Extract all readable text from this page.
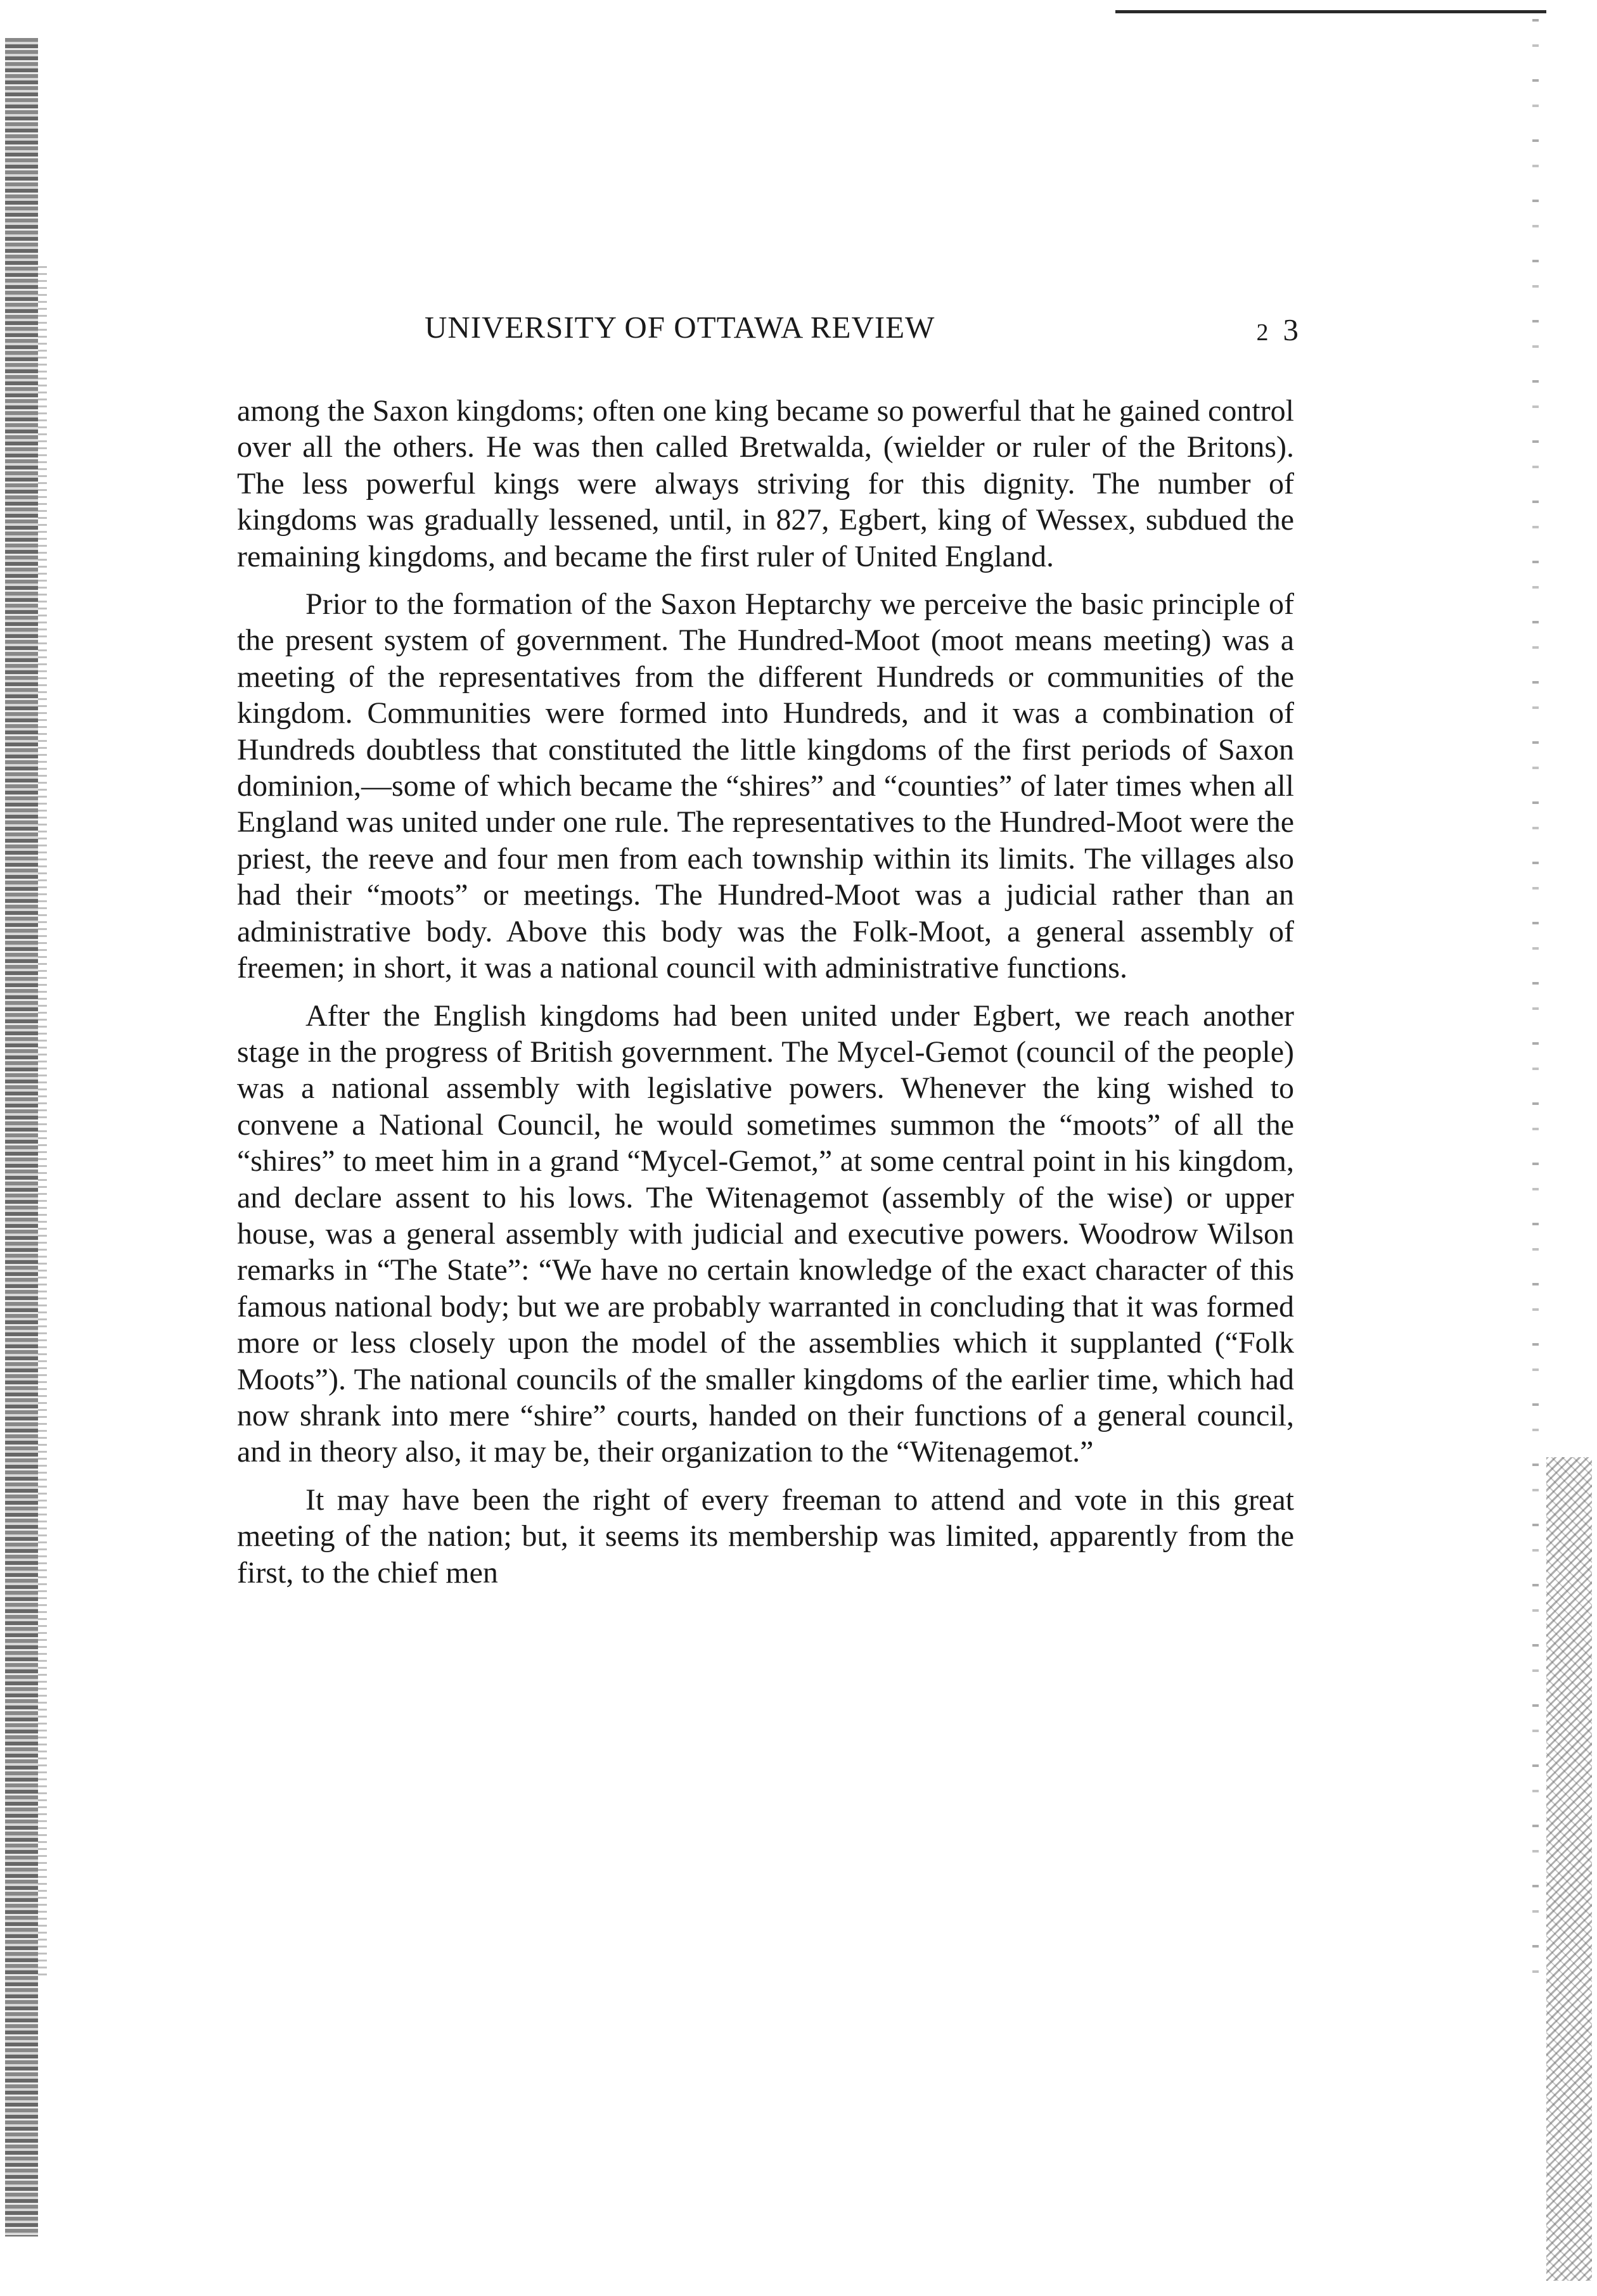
UNIVERSITY OF OTTAWA REVIEW	2 3

among the Saxon kingdoms; often one king became so powerful that he gained control over all the others. He was then called Bretwalda, (wielder or ruler of the Britons). The less powerful kings were always striving for this dignity. The number of kingdoms was gradually lessened, until, in 827, Egbert, king of Wessex, subdued the remaining kingdoms, and became the first ruler of United England.

Prior to the formation of the Saxon Heptarchy we perceive the basic principle of the present system of government. The Hundred-Moot (moot means meeting) was a meeting of the representatives from the different Hundreds or communities of the kingdom. Communities were formed into Hundreds, and it was a combination of Hundreds doubtless that constituted the little kingdoms of the first periods of Saxon dominion,—some of which became the “shires” and “counties” of later times when all England was united under one rule. The representatives to the Hundred-Moot were the priest, the reeve and four men from each township within its limits. The villages also had their “moots” or meetings. The Hundred-Moot was a judicial rather than an administrative body. Above this body was the Folk-Moot, a general assembly of freemen; in short, it was a national council with administrative functions.

After the English kingdoms had been united under Egbert, we reach another stage in the progress of British government. The Mycel-Gemot (council of the people) was a national assembly with legislative powers. Whenever the king wished to convene a National Council, he would sometimes summon the “moots” of all the “shires” to meet him in a grand “Mycel-Gemot,” at some central point in his kingdom, and declare assent to his lows. The Witenagemot (assembly of the wise) or upper house, was a general assembly with judicial and executive powers. Woodrow Wilson remarks in “The State”: “We have no certain knowledge of the exact character of this famous national body; but we are probably warranted in concluding that it was formed more or less closely upon the model of the assemblies which it supplanted (“Folk Moots”). The national councils of the smaller kingdoms of the earlier time, which had now shrank into mere “shire” courts, handed on their functions of a general council, and in theory also, it may be, their organization to the “Witenagemot.”

It may have been the right of every freeman to attend and vote in this great meeting of the nation; but, it seems its membership was limited, apparently from the first, to the chief men
